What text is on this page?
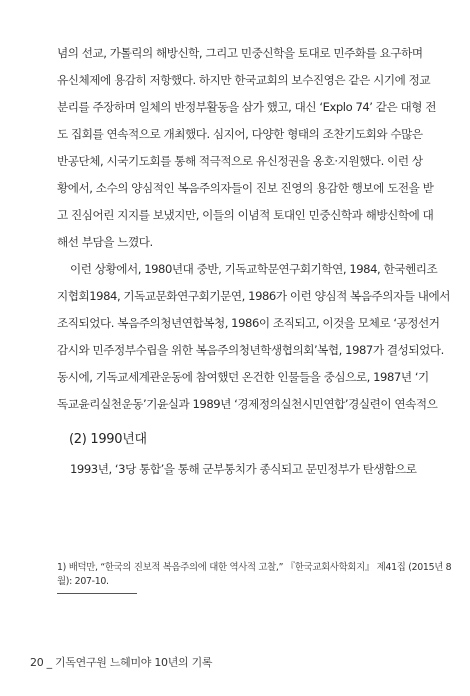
념의 선교, 가톨릭의 해방신학, 그리고 민중신학을 토대로 민주화를 요구하며
유신체제에 용감히 저항했다. 하지만 한국교회의 보수진영은 같은 시기에 정교
분리를 주장하며 일체의 반정부활동을 삼가 했고, 대신 ‘Explo 74’ 같은 대형 전
도 집회를 연속적으로 개최했다. 심지어, 다양한 형태의 조찬기도회와 수많은
반공단체, 시국기도회를 통해 적극적으로 유신정권을 옹호·지원했다. 이런 상
황에서, 소수의 양심적인 복음주의자들이 진보 진영의 용감한 행보에 도전을 받
고 진심어린 지지를 보냈지만, 이들의 이념적 토대인 민중신학과 해방신학에 대
해선 부담을 느꼈다.
이런 상황에서, 1980년대 중반, 기독교학문연구회기학연, 1984, 한국헨리조
지협회1984, 기독교문화연구회기문연, 1986가 이런 양심적 복음주의자들 내에서
조직되었다. 복음주의청년연합복청, 1986이 조직되고, 이것을 모체로 ‘공정선거
감시와 민주정부수립을 위한 복음주의청년학생협의회’복협, 1987가 결성되었다.
동시에, 기독교세계관운동에 참여했던 온건한 인물들을 중심으로, 1987년 ‘기
독교윤리실천운동’기윤실과 1989년 ‘경제정의실천시민연합’경실련이 연속적으
(2) 1990년대
1993년, ‘3당 통합’을 통해 군부통치가 종식되고 문민정부가 탄생함으로
1) 배덕만, “한국의 진보적 복음주의에 대한 역사적 고찰,” 『한국교회사학회지』 제41집 (2015년 8
월): 207-10.
20 _ 기독연구원 느헤미야 10년의 기록
